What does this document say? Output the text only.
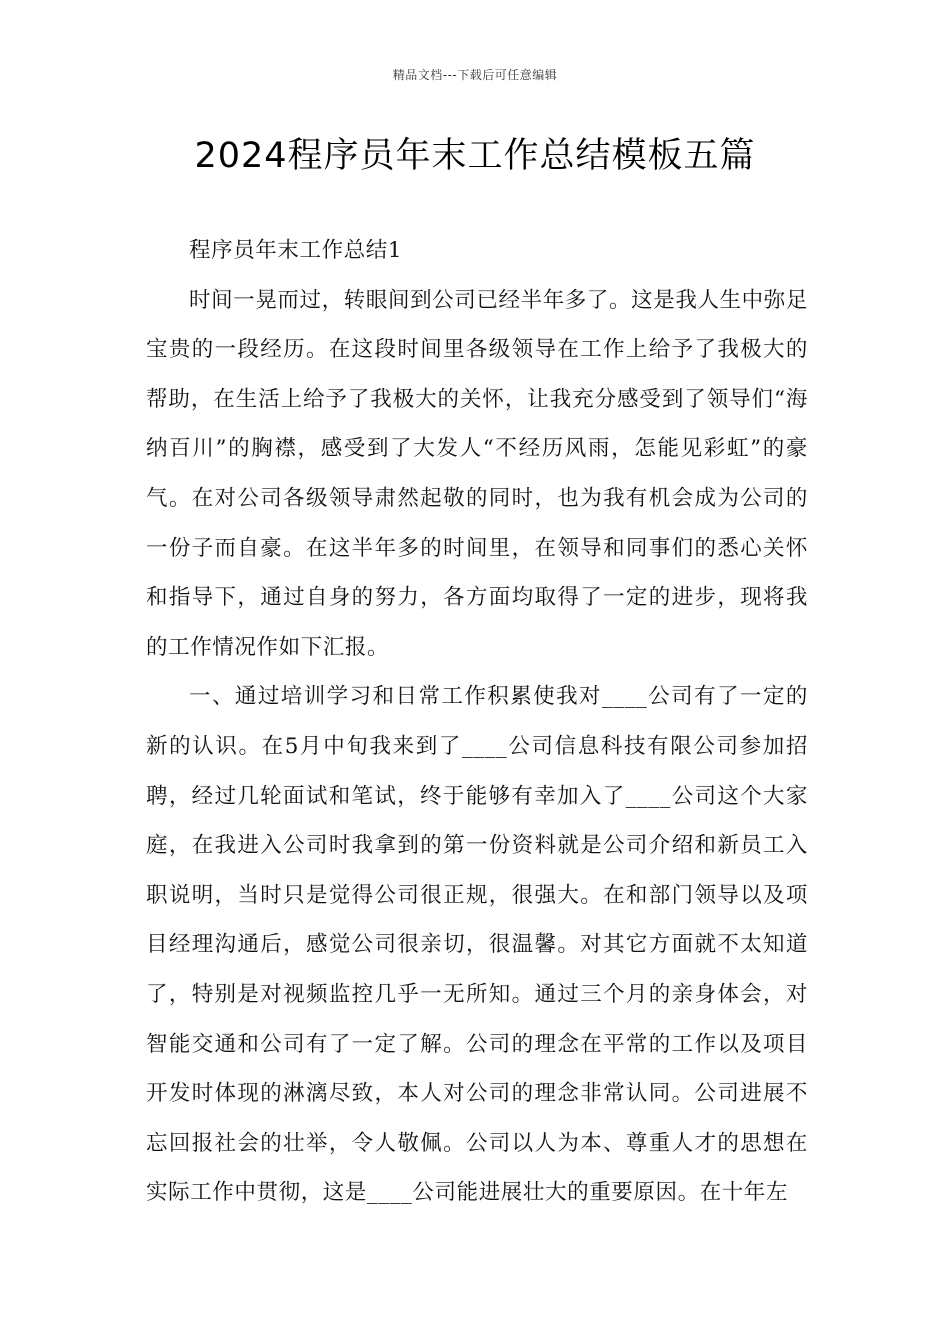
精品文档---下载后可任意编辑
2024程序员年末工作总结模板五篇

程序员年末工作总结1

时间一晃而过，转眼间到公司已经半年多了。这是我人生中弥足宝贵的一段经历。在这段时间里各级领导在工作上给予了我极大的帮助，在生活上给予了我极大的关怀，让我充分感受到了领导们“海纳百川”的胸襟，感受到了大发人“不经历风雨，怎能见彩虹”的豪气。在对公司各级领导肃然起敬的同时，也为我有机会成为公司的一份子而自豪。在这半年多的时间里，在领导和同事们的悉心关怀和指导下，通过自身的努力，各方面均取得了一定的进步，现将我的工作情况作如下汇报。

一、通过培训学习和日常工作积累使我对____公司有了一定的新的认识。在5月中旬我来到了____公司信息科技有限公司参加招聘，经过几轮面试和笔试，终于能够有幸加入了____公司这个大家庭，在我进入公司时我拿到的第一份资料就是公司介绍和新员工入职说明，当时只是觉得公司很正规，很强大。在和部门领导以及项目经理沟通后，感觉公司很亲切，很温馨。对其它方面就不太知道了，特别是对视频监控几乎一无所知。通过三个月的亲身体会，对智能交通和公司有了一定了解。公司的理念在平常的工作以及项目开发时体现的淋漓尽致，本人对公司的理念非常认同。公司进展不忘回报社会的壮举，令人敬佩。公司以人为本、尊重人才的思想在实际工作中贯彻，这是____公司能进展壮大的重要原因。在十年左
